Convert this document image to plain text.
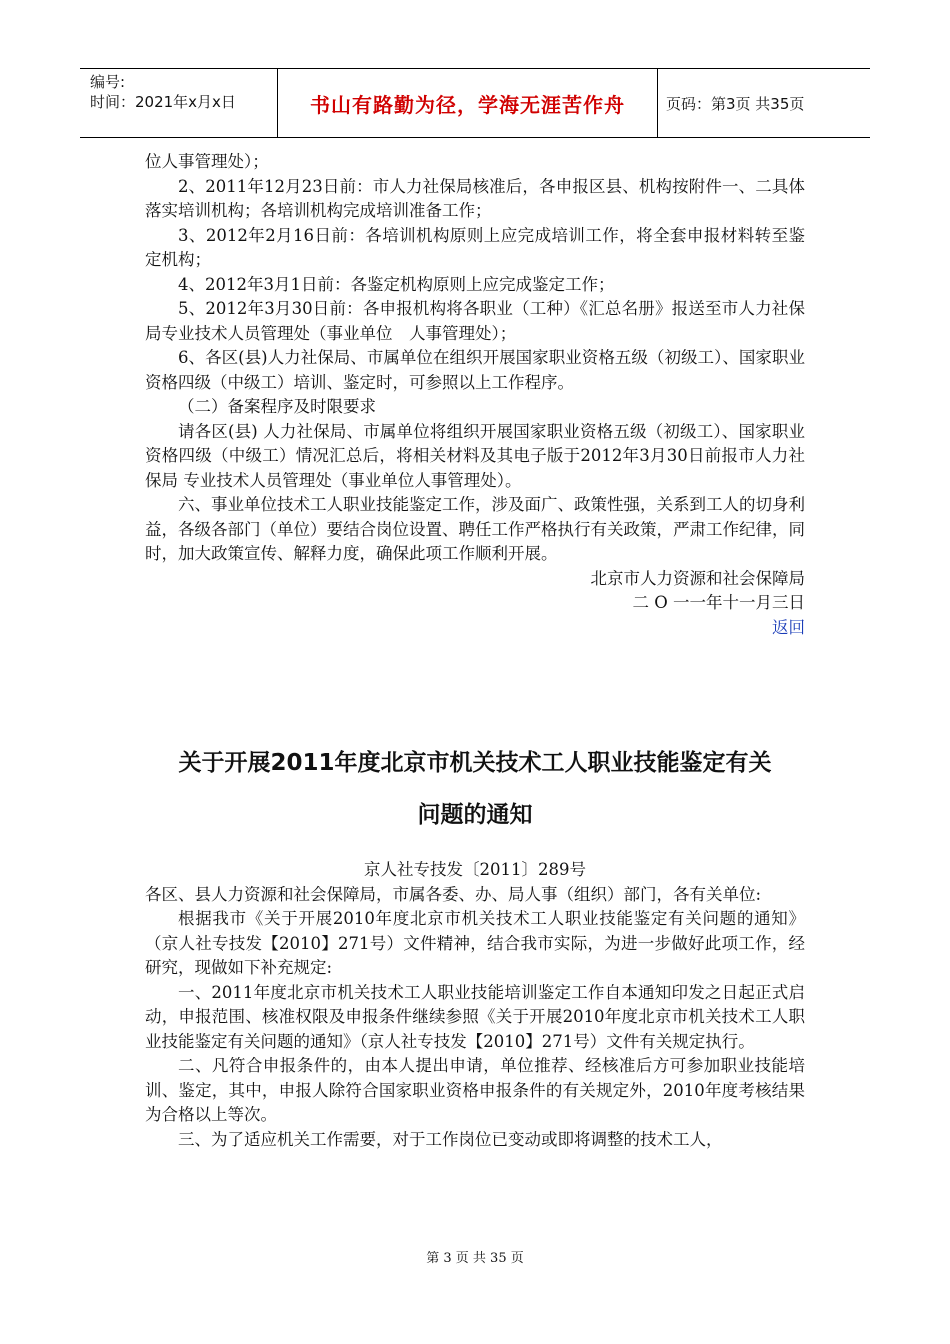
编号:
时间：2021年x月x日	书山有路勤为径，学海无涯苦作舟	页码：第3页 共35页

位人事管理处）；

2、2011年12月23日前：市人力社保局核准后，各申报区县、机构按附件一、二具体落实培训机构；各培训机构完成培训准备工作；

3、2012年2月16日前：各培训机构原则上应完成培训工作，将全套申报材料转至鉴定机构；

4、2012年3月1日前：各鉴定机构原则上应完成鉴定工作；

5、2012年3月30日前：各申报机构将各职业（工种）《汇总名册》报送至市人力社保局专业技术人员管理处（事业单位　人事管理处）；

6、各区(县)人力社保局、市属单位在组织开展国家职业资格五级（初级工）、国家职业资格四级（中级工）培训、鉴定时，可参照以上工作程序。

（二）备案程序及时限要求

请各区(县) 人力社保局、市属单位将组织开展国家职业资格五级（初级工）、国家职业资格四级（中级工）情况汇总后，将相关材料及其电子版于2012年3月30日前报市人力社保局 专业技术人员管理处（事业单位人事管理处）。

六、事业单位技术工人职业技能鉴定工作，涉及面广、政策性强，关系到工人的切身利益，各级各部门（单位）要结合岗位设置、聘任工作严格执行有关政策，严肃工作纪律，同时，加大政策宣传、解释力度，确保此项工作顺利开展。

北京市人力资源和社会保障局

二 O 一一年十一月三日

返回

关于开展2011年度北京市机关技术工人职业技能鉴定有关
问题的通知

京人社专技发〔2011〕289号

各区、县人力资源和社会保障局，市属各委、办、局人事（组织）部门，各有关单位:

根据我市《关于开展2010年度北京市机关技术工人职业技能鉴定有关问题的通知》（京人社专技发【2010】271号）文件精神，结合我市实际，为进一步做好此项工作，经研究，现做如下补充规定:

一、2011年度北京市机关技术工人职业技能培训鉴定工作自本通知印发之日起正式启动，申报范围、核准权限及申报条件继续参照《关于开展2010年度北京市机关技术工人职业技能鉴定有关问题的通知》（京人社专技发【2010】271号）文件有关规定执行。

二、凡符合申报条件的，由本人提出申请，单位推荐、经核准后方可参加职业技能培训、鉴定，其中，申报人除符合国家职业资格申报条件的有关规定外，2010年度考核结果为合格以上等次。

三、为了适应机关工作需要，对于工作岗位已变动或即将调整的技术工人，

第 3 页 共 35 页
